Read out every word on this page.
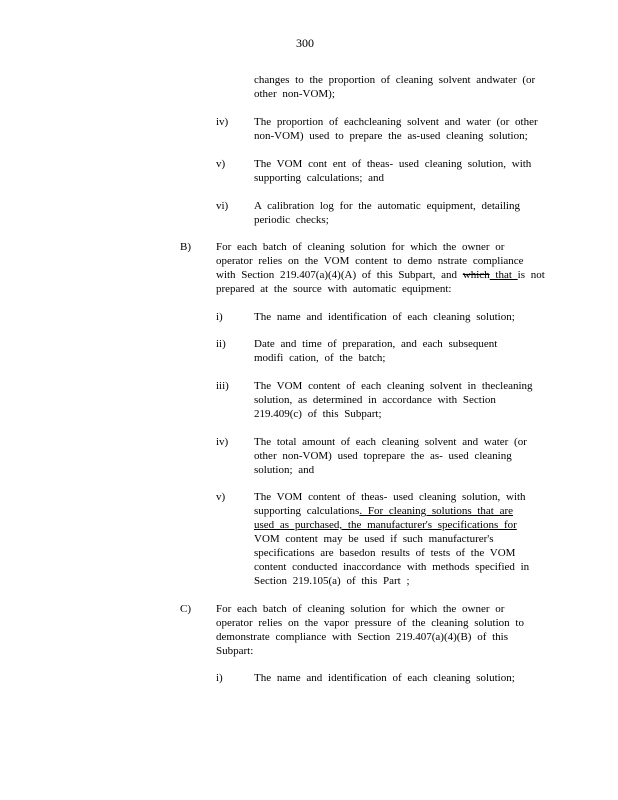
300
changes to the proportion of cleaning solvent andwater (or
other non-VOM);
iv) The proportion of eachcleaning solvent and water (or other
non-VOM) used to prepare the as-used cleaning solution;
v)	The VOM cont ent of theas- used cleaning solution, with
supporting calculations; and
vi) A calibration log for the automatic equipment, detailing
periodic checks;
B) For each batch of cleaning solution for which the owner or
operator relies on the VOM content to demo nstrate compliance
with Section 219.407(a)(4)(A) of this Subpart, and which that is not
prepared at the source with automatic equipment:
i)	The name and identification of each cleaning solution;
ii)	Date and time of preparation, and each subsequent
modifi cation, of the batch;
iii) The VOM content of each cleaning solvent in thecleaning
solution, as determined in accordance with Section
219.409(c) of this Subpart;
iv) The total amount of each cleaning solvent and water (or
other non-VOM) used toprepare the as- used cleaning
solution; and
v)	The VOM content of theas- used cleaning solution, with
supporting calculations. For cleaning solutions that are
used as purchased, the manufacturer's specifications for
VOM content may be used if such manufacturer's
specifications are basedon results of tests of the VOM
content conducted inaccordance with methods specified in
Section 219.105(a) of this Part ;
C) For each batch of cleaning solution for which the owner or
operator relies on the vapor pressure of the cleaning solution to
demonstrate compliance with Section 219.407(a)(4)(B) of this
Subpart:
i)	The name and identification of each cleaning solution;
